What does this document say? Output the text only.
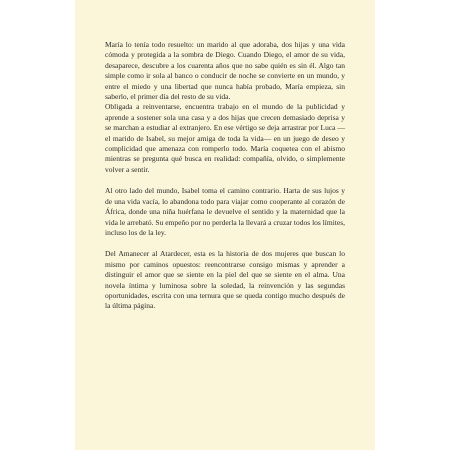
María lo tenía todo resuelto: un marido al que adoraba, dos hijas y una vida cómoda y protegida a la sombra de Diego. Cuando Diego, el amor de su vida, desaparece, descubre a los cuarenta años que no sabe quién es sin él. Algo tan simple como ir sola al banco o conducir de noche se convierte en un mundo, y entre el miedo y una libertad que nunca había probado, María empieza, sin saberlo, el primer día del resto de su vida.

Obligada a reinventarse, encuentra trabajo en el mundo de la publicidad y aprende a sostener sola una casa y a dos hijas que crecen demasiado deprisa y se marchan a estudiar al extranjero. En ese vértigo se deja arrastrar por Luca —el marido de Isabel, su mejor amiga de toda la vida— en un juego de deseo y complicidad que amenaza con romperlo todo. María coquetea con el abismo mientras se pregunta qué busca en realidad: compañía, olvido, o simplemente volver a sentir.

Al otro lado del mundo, Isabel toma el camino contrario. Harta de sus lujos y de una vida vacía, lo abandona todo para viajar como cooperante al corazón de África, donde una niña huérfana le devuelve el sentido y la maternidad que la vida le arrebató. Su empeño por no perderla la llevará a cruzar todos los límites, incluso los de la ley.

Del Amanecer al Atardecer, esta es la historia de dos mujeres que buscan lo mismo por caminos opuestos: reencontrarse consigo mismas y aprender a distinguir el amor que se siente en la piel del que se siente en el alma. Una novela íntima y luminosa sobre la soledad, la reinvención y las segundas oportunidades, escrita con una ternura que se queda contigo mucho después de la última página.
